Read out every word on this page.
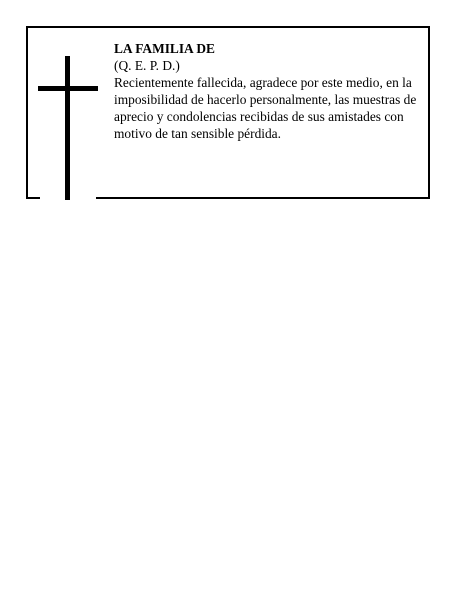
LA FAMILIA DE

(Q. E. P. D.)

Recientemente fallecida, agradece por este medio, en la imposibilidad de hacerlo personalmente, las muestras de aprecio y condolencias recibidas de sus amistades con motivo de tan sensible pérdida.
